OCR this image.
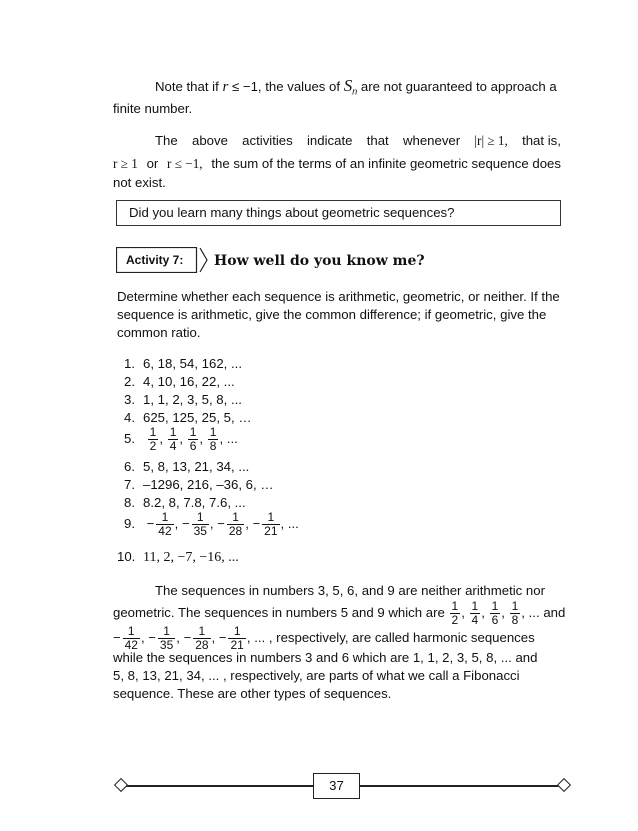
Note that if r ≤ −1, the values of $S_n$ are not guaranteed to approach a
finite number.
The above activities indicate that whenever |r| ≥ 1, that is,
r ≥ 1 or r ≤ −1, the sum of the terms of an infinite geometric sequence does
not exist.
Did you learn many things about geometric sequences?
Activity 7: How well do you know me?
Determine whether each sequence is arithmetic, geometric, or neither. If the
sequence is arithmetic, give the common difference; if geometric, give the
common ratio.
1. 6, 18, 54, 162, ...
2. 4, 10, 16, 22, ...
3. 1, 1, 2, 3, 5, 8, ...
4. 625, 125, 25, 5, …
5. $\frac{1}{2}$ , $\frac{1}{4}$ , $\frac{1}{6}$ , $\frac{1}{8}$ , ...
6. 5, 8, 13, 21, 34, ...
7. –1296, 216, –36, 6, …
8. 8.2, 8, 7.8, 7.6, ...
9. − $\frac{1}{42}$ , − $\frac{1}{35}$ , − $\frac{1}{28}$ , − $\frac{1}{21}$ , ...
10. 11, 2, −7, −16, ...
The sequences in numbers 3, 5, 6, and 9 are neither arithmetic nor
geometric. The sequences in numbers 5 and 9 which are $\frac{1}{2}$ , $\frac{1}{4}$ , $\frac{1}{6}$ , $\frac{1}{8}$ , ... and
− $\frac{1}{42}$ , − $\frac{1}{35}$ , − $\frac{1}{28}$ , − $\frac{1}{21}$ , ... , respectively, are called harmonic sequences
while the sequences in numbers 3 and 6 which are 1, 1, 2, 3, 5, 8, ... and
5, 8, 13, 21, 34, ... , respectively, are parts of what we call a Fibonacci
sequence. These are other types of sequences.
37
